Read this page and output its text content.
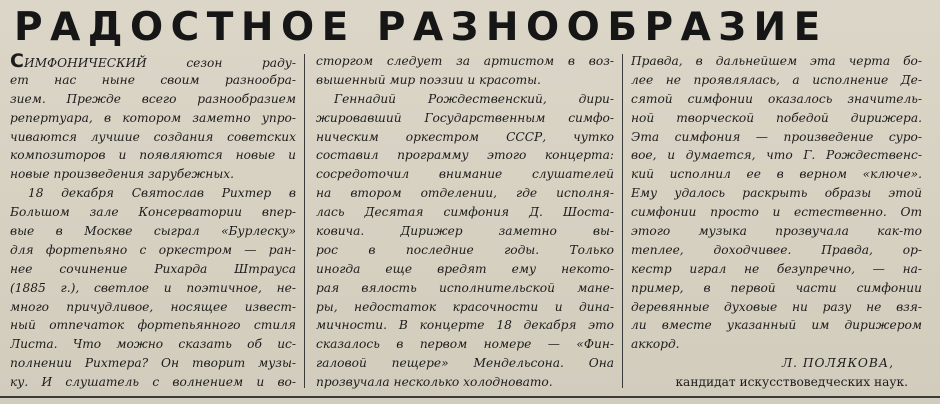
РАДОСТНОЕ РАЗНООБРАЗИЕ
СИМФОНИЧЕСКИЙ сезон раду-
ет нас ныне своим разнообра-
зием. Прежде всего разнообразием
репертуара, в котором заметно упро-
чиваются лучшие создания советских
композиторов и появляются новые и
новые произведения зарубежных.
18 декабря Святослав Рихтер в
Большом зале Консерватории впер-
вые в Москве сыграл «Бурлеску»
для фортепьяно с оркестром — ран-
нее сочинение Рихарда Штрауса
(1885 г.), светлое и поэтичное, не-
много причудливое, носящее извест-
ный отпечаток фортепьянного стиля
Листа. Что можно сказать об ис-
полнении Рихтера? Он творит музы-
ку. И слушатель с волнением и во-
сторгом следует за артистом в воз-
вышенный мир поэзии и красоты.
Геннадий Рождественский, дири-
жировавший Государственным симфо-
ническим оркестром СССР, чутко
составил программу этого концерта:
сосредоточил внимание слушателей
на втором отделении, где исполня-
лась Десятая симфония Д. Шоста-
ковича. Дирижер заметно вы-
рос в последние годы. Только
иногда еще вредят ему некото-
рая вялость исполнительской мане-
ры, недостаток красочности и дина-
мичности. В концерте 18 декабря это
сказалось в первом номере — «Фин-
галовой пещере» Мендельсона. Она
прозвучала несколько холодновато.
Правда, в дальнейшем эта черта бо-
лее не проявлялась, а исполнение Де-
сятой симфонии оказалось значитель-
ной творческой победой дирижера.
Эта симфония — произведение суро-
вое, и думается, что Г. Рождественс-
кий исполнил ее в верном «ключе».
Ему удалось раскрыть образы этой
симфонии просто и естественно. От
этого музыка прозвучала как-то
теплее, доходчивее. Правда, ор-
кестр играл не безупречно, — на-
пример, в первой части симфонии
деревянные духовые ни разу не взя-
ли вместе указанный им дирижером
аккорд.
Л. ПОЛЯКОВА,
кандидат искусствоведческих наук.
